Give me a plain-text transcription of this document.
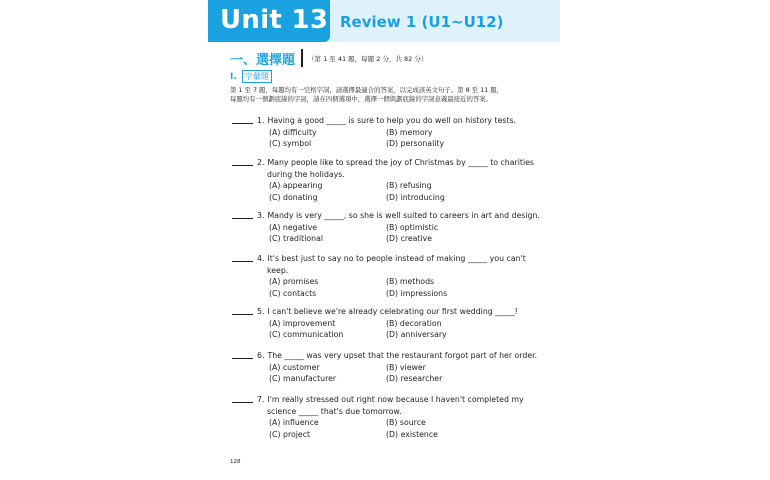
Unit 13 Review 1 (U1~U12)
一、選擇題 （第 1 至 41 題，每題 2 分，共 82 分）
I.	字彙題
第 1 至 7 題，每題均有一空格字詞，請選擇最適合的答案，以完成該英文句子。第 8 至 11 題，
每題均有一個劃底線的字詞，請在四個選項中，選擇一個與劃底線的字詞意義最接近的答案。
1. Having a good _____ is sure to help you do well on history tests.
(A) difficulty	(B) memory
(C) symbol	(D) personality
2. Many people like to spread the joy of Christmas by _____ to charities
during the holidays.
(A) appearing	(B) refusing
(C) donating	(D) introducing
3. Mandy is very _____, so she is well suited to careers in art and design.
(A) negative	(B) optimistic
(C) traditional	(D) creative
4. It's best just to say no to people instead of making _____ you can't
keep.
(A) promises	(B) methods
(C) contacts	(D) impressions
5. I can't believe we're already celebrating our first wedding _____!
(A) improvement	(B) decoration
(C) communication	(D) anniversary
6. The _____ was very upset that the restaurant forgot part of her order.
(A) customer	(B) viewer
(C) manufacturer	(D) researcher
7. I'm really stressed out right now because I haven't completed my
science _____ that's due tomorrow.
(A) influence	(B) source
(C) project	(D) existence
128
